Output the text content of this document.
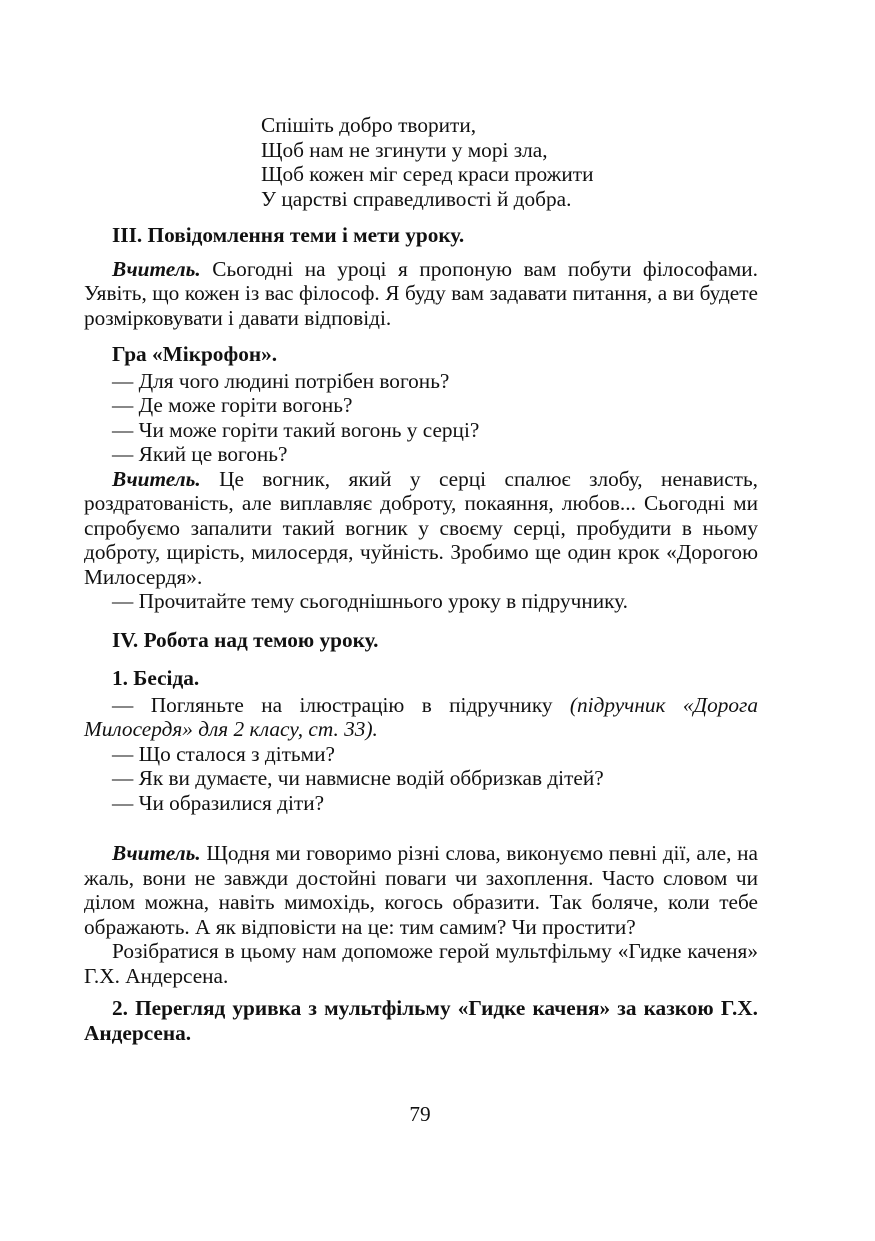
Спішіть добро творити,
Щоб нам не згинути у морі зла,
Щоб кожен міг серед краси прожити
У царстві справедливості й добра.
III. Повідомлення теми і мети уроку.

Вчитель. Сьогодні на уроці я пропоную вам побути філософами. Уявіть, що кожен із вас філософ. Я буду вам задавати питання, а ви будете розмірковувати і давати відповіді.

Гра «Мікрофон».

— Для чого людині потрібен вогонь?

— Де може горіти вогонь?

— Чи може горіти такий вогонь у серці?

— Який це вогонь?

Вчитель. Це вогник, який у серці спалює злобу, ненависть, роздратованість, але виплавляє доброту, покаяння, любов... Сьогодні ми спробуємо запалити такий вогник у своєму серці, пробудити в ньому доброту, щирість, милосердя, чуйність. Зробимо ще один крок «Дорогою Милосердя».

— Прочитайте тему сьогоднішнього уроку в підручнику.

IV. Робота над темою уроку.
1. Бесіда.

— Погляньте на ілюстрацію в підручнику (підручник «Дорога Милосердя» для 2 класу, ст. 33).

— Що сталося з дітьми?

— Як ви думаєте, чи навмисне водій оббризкав дітей?

— Чи образилися діти?

Вчитель. Щодня ми говоримо різні слова, виконуємо певні дії, але, на жаль, вони не завжди достойні поваги чи захоплення. Часто словом чи ділом можна, навіть мимохідь, когось образити. Так боляче, коли тебе ображають. А як відповісти на це: тим самим? Чи простити?

Розібратися в цьому нам допоможе герой мультфільму «Гидке каченя» Г.Х. Андерсена.

2. Перегляд уривка з мультфільму «Гидке каченя» за казкою Г.Х. Андерсена.

79
